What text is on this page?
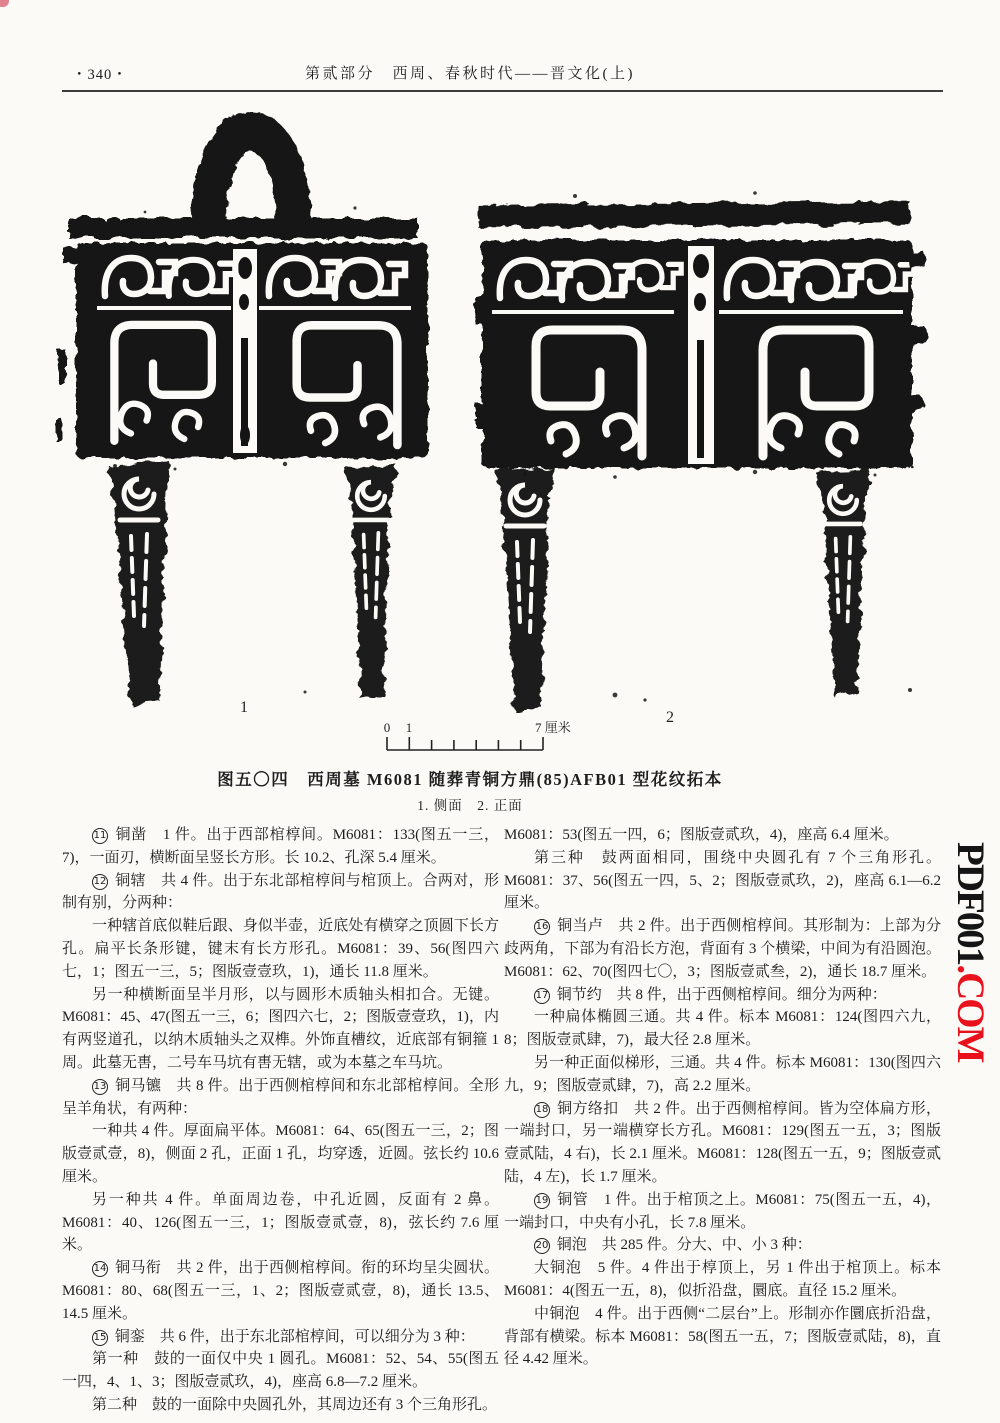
・340・	第贰部分　西周、春秋时代——晋文化(上)
1
2
0 1	7 厘米
图五〇四　西周墓 M6081 随葬青铜方鼎(85)AFB01 型花纹拓本
1. 侧面　2. 正面

11 铜凿　1 件。出于西部棺椁间。M6081：133(图五一三，7)，一面刃，横断面呈竖长方形。长 10.2、孔深 5.4 厘米。

12 铜辖　共 4 件。出于东北部棺椁间与棺顶上。合两对，形制有别，分两种：

一种辖首底似鞋后跟、身似半壶，近底处有横穿之顶圆下长方孔。扁平长条形键，键末有长方形孔。M6081：39、56(图四六七，1；图五一三，5；图版壹壹玖，1)，通长 11.8 厘米。

另一种横断面呈半月形，以与圆形木质轴头相扣合。无键。M6081：45、47(图五一三，6；图四六七，2；图版壹壹玖，1)，内有两竖道孔，以纳木质轴头之双榫。外饰直槽纹，近底部有铜箍 1 周。此墓无軎，二号车马坑有軎无辖，或为本墓之车马坑。

13 铜马镳　共 8 件。出于西侧棺椁间和东北部棺椁间。全形呈羊角状，有两种：

一种共 4 件。厚面扁平体。M6081：64、65(图五一三，2；图版壹贰壹，8)，侧面 2 孔，正面 1 孔，均穿透，近圆。弦长约 10.6 厘米。

另一种共 4 件。单面周边卷，中孔近圆，反面有 2 鼻。M6081：40、126(图五一三，1；图版壹贰壹，8)，弦长约 7.6 厘米。

14 铜马衔　共 2 件，出于西侧棺椁间。衔的环均呈尖圆状。M6081：80、68(图五一三，1、2；图版壹贰壹，8)，通长 13.5、14.5 厘米。

15 铜銮　共 6 件，出于东北部棺椁间，可以细分为 3 种：

第一种　鼓的一面仅中央 1 圆孔。M6081：52、54、55(图五一四，4、1、3；图版壹贰玖，4)，座高 6.8—7.2 厘米。

第二种　鼓的一面除中央圆孔外，其周边还有 3 个三角形孔。

M6081：53(图五一四，6；图版壹贰玖，4)，座高 6.4 厘米。

第三种　鼓两面相同，围绕中央圆孔有 7 个三角形孔。M6081：37、56(图五一四，5、2；图版壹贰玖，2)，座高 6.1—6.2 厘米。

16 铜当卢　共 2 件。出于西侧棺椁间。其形制为：上部为分歧两角，下部为有沿长方泡，背面有 3 个横梁，中间为有沿圆泡。M6081：62、70(图四七〇，3；图版壹贰叁，2)，通长 18.7 厘米。

17 铜节约　共 8 件，出于西侧棺椁间。细分为两种：

一种扁体椭圆三通。共 4 件。标本 M6081：124(图四六九，8；图版壹贰肆，7)，最大径 2.8 厘米。

另一种正面似梯形，三通。共 4 件。标本 M6081：130(图四六九，9；图版壹贰肆，7)，高 2.2 厘米。

18 铜方络扣　共 2 件。出于西侧棺椁间。皆为空体扁方形，一端封口，另一端横穿长方孔。M6081：129(图五一五，3；图版壹贰陆，4 右)，长 2.1 厘米。M6081：128(图五一五，9；图版壹贰陆，4 左)，长 1.7 厘米。

19 铜管　1 件。出于棺顶之上。M6081：75(图五一五，4)，一端封口，中央有小孔，长 7.8 厘米。

20 铜泡　共 285 件。分大、中、小 3 种：

大铜泡　5 件。4 件出于椁顶上，另 1 件出于棺顶上。标本 M6081：4(图五一五，8)，似折沿盘，圜底。直径 15.2 厘米。

中铜泡　4 件。出于西侧“二层台”上。形制亦作圜底折沿盘，背部有横梁。标本 M6081：58(图五一五，7；图版壹贰陆，8)，直径 4.42 厘米。

PDF001.COM
